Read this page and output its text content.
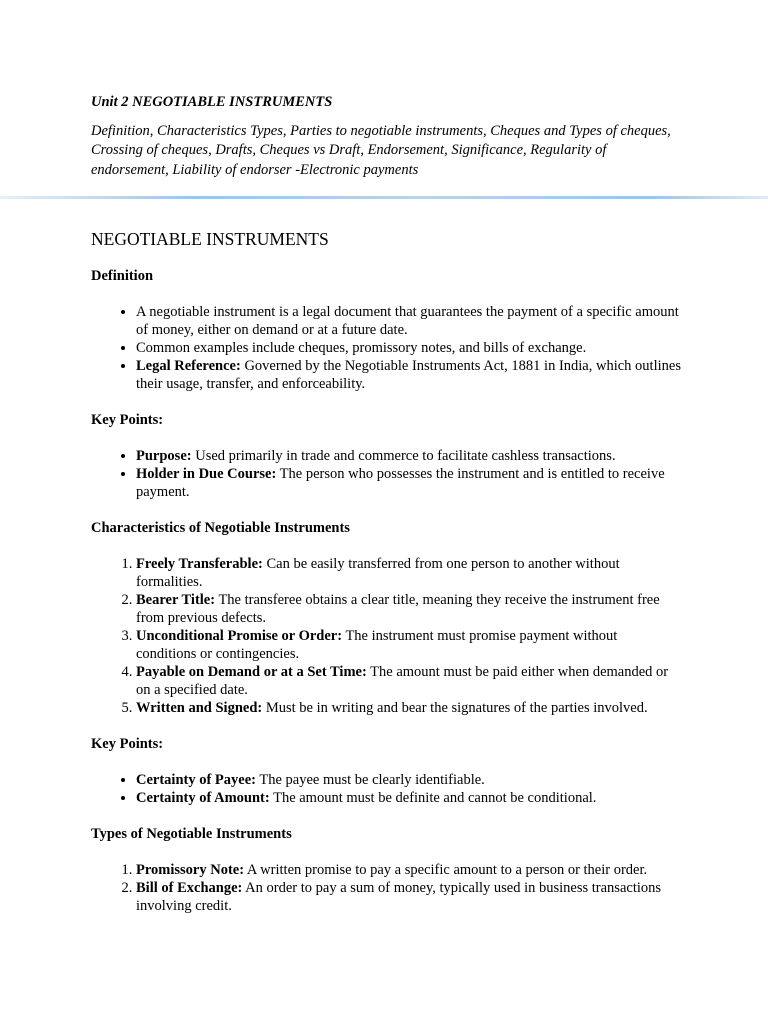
Unit 2 NEGOTIABLE INSTRUMENTS
Definition, Characteristics Types, Parties to negotiable instruments, Cheques and Types of cheques, Crossing of cheques, Drafts, Cheques vs Draft, Endorsement, Significance, Regularity of endorsement, Liability of endorser -Electronic payments
NEGOTIABLE INSTRUMENTS
Definition
• A negotiable instrument is a legal document that guarantees the payment of a specific amount of money, either on demand or at a future date.
• Common examples include cheques, promissory notes, and bills of exchange.
• Legal Reference: Governed by the Negotiable Instruments Act, 1881 in India, which outlines their usage, transfer, and enforceability.
Key Points:
• Purpose: Used primarily in trade and commerce to facilitate cashless transactions.
• Holder in Due Course: The person who possesses the instrument and is entitled to receive payment.
Characteristics of Negotiable Instruments
1. Freely Transferable: Can be easily transferred from one person to another without formalities.
2. Bearer Title: The transferee obtains a clear title, meaning they receive the instrument free from previous defects.
3. Unconditional Promise or Order: The instrument must promise payment without conditions or contingencies.
4. Payable on Demand or at a Set Time: The amount must be paid either when demanded or on a specified date.
5. Written and Signed: Must be in writing and bear the signatures of the parties involved.
Key Points:
• Certainty of Payee: The payee must be clearly identifiable.
• Certainty of Amount: The amount must be definite and cannot be conditional.
Types of Negotiable Instruments
1. Promissory Note: A written promise to pay a specific amount to a person or their order.
2. Bill of Exchange: An order to pay a sum of money, typically used in business transactions involving credit.
